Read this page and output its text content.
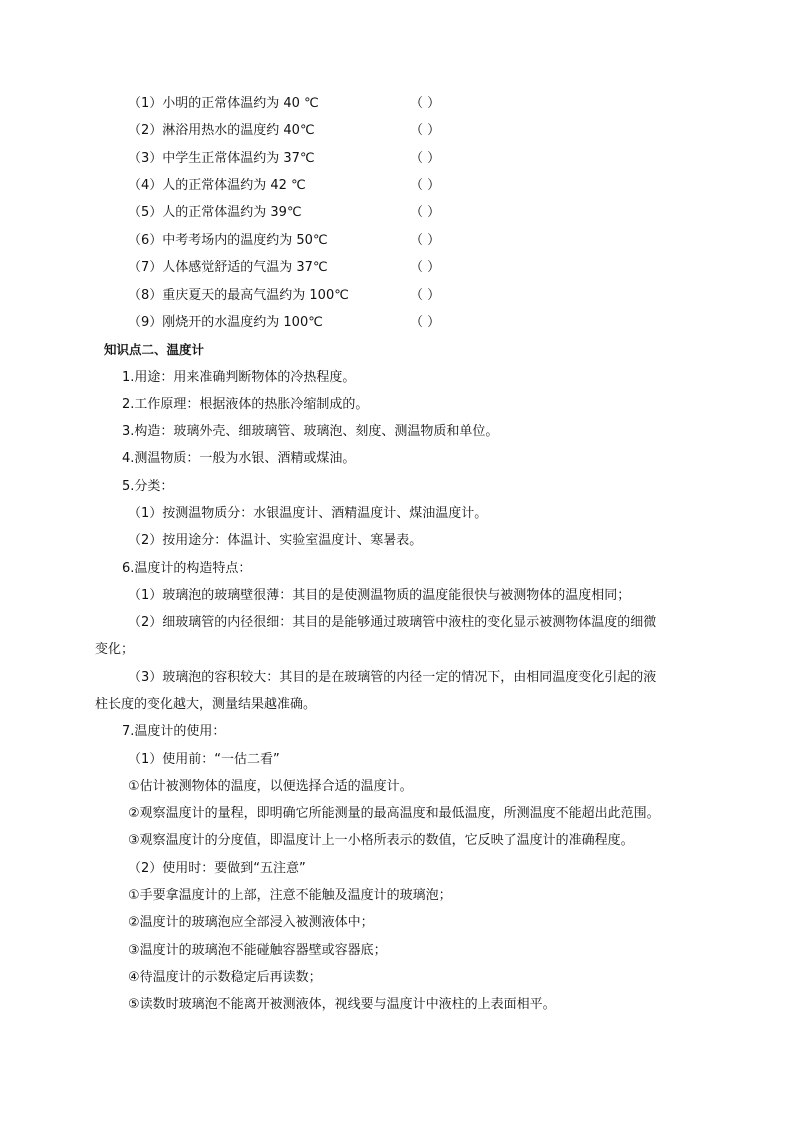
（1）小明的正常体温约为 40 ℃	（ ）
（2）淋浴用热水的温度约 40℃	（ ）
（3）中学生正常体温约为 37℃	（ ）
（4）人的正常体温约为 42 ℃	（ ）
（5）人的正常体温约为 39℃	（ ）
（6）中考考场内的温度约为 50℃	（ ）
（7）人体感觉舒适的气温为 37℃	（ ）
（8）重庆夏天的最高气温约为 100℃	（ ）
（9）刚烧开的水温度约为 100℃	（ ）
知识点二、温度计
1.用途：用来准确判断物体的冷热程度。
2.工作原理：根据液体的热胀冷缩制成的。
3.构造：玻璃外壳、细玻璃管、玻璃泡、刻度、测温物质和单位。
4.测温物质：一般为水银、酒精或煤油。
5.分类：
（1）按测温物质分：水银温度计、酒精温度计、煤油温度计。
（2）按用途分：体温计、实验室温度计、寒暑表。
6.温度计的构造特点：
（1）玻璃泡的玻璃壁很薄：其目的是使测温物质的温度能很快与被测物体的温度相同；
（2）细玻璃管的内径很细：其目的是能够通过玻璃管中液柱的变化显示被测物体温度的细微
变化；
（3）玻璃泡的容积较大：其目的是在玻璃管的内径一定的情况下，由相同温度变化引起的液
柱长度的变化越大，测量结果越准确。
7.温度计的使用：
（1）使用前：“一估二看”
①估计被测物体的温度，以便选择合适的温度计。
②观察温度计的量程，即明确它所能测量的最高温度和最低温度，所测温度不能超出此范围。
③观察温度计的分度值，即温度计上一小格所表示的数值，它反映了温度计的准确程度。
（2）使用时：要做到“五注意”
①手要拿温度计的上部，注意不能触及温度计的玻璃泡；
②温度计的玻璃泡应全部浸入被测液体中；
③温度计的玻璃泡不能碰触容器壁或容器底；
④待温度计的示数稳定后再读数；
⑤读数时玻璃泡不能离开被测液体，视线要与温度计中液柱的上表面相平。
